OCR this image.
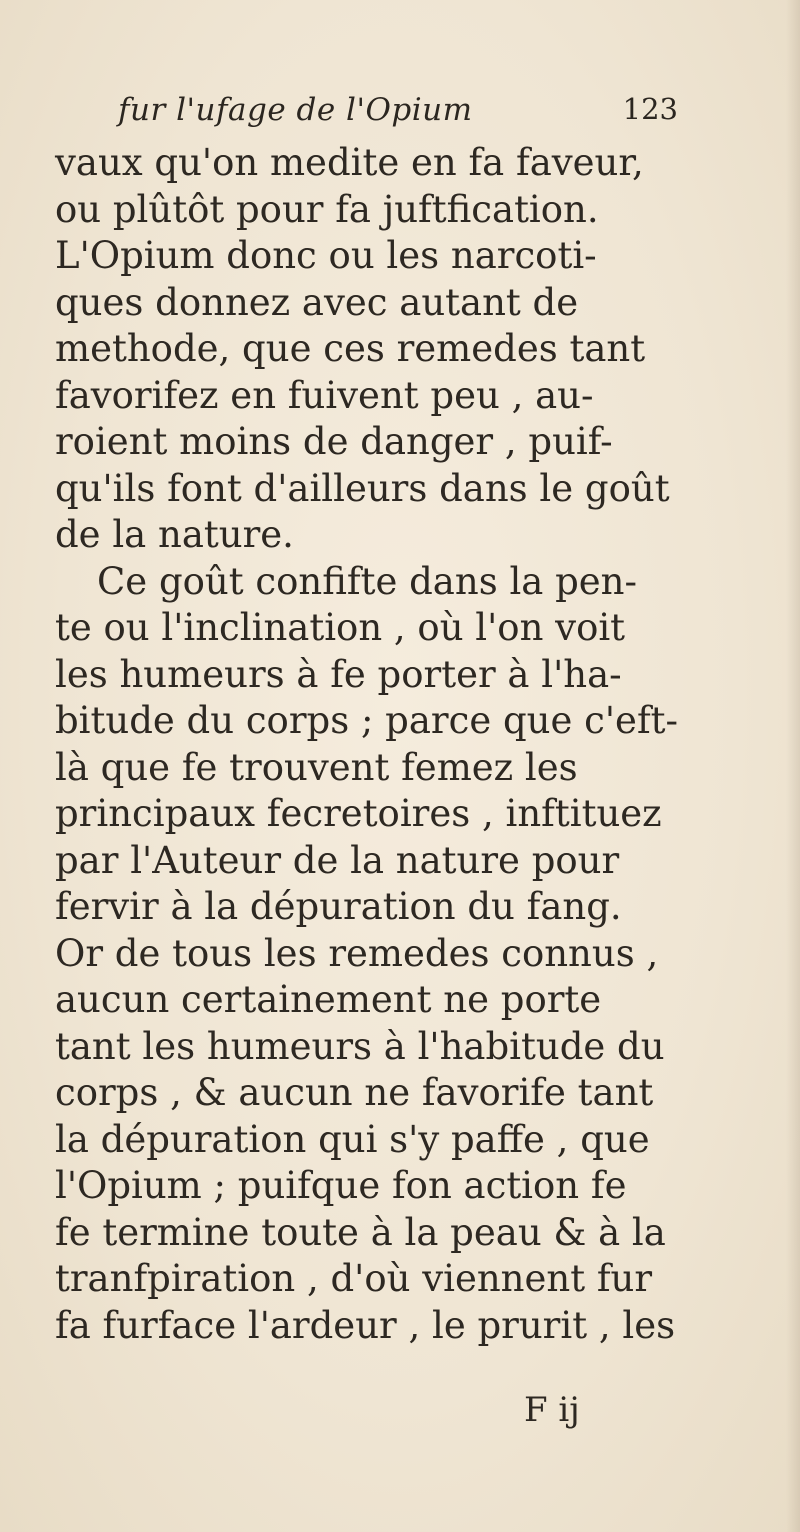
fur l'ufage de l'Opium	123
vaux qu'on medite en fa faveur,
ou plûtôt pour fa juftfication.
L'Opium donc ou les narcoti-
ques donnez avec autant de
methode, que ces remedes tant
favorifez en fuivent peu , au-
roient moins de danger , puif-
qu'ils font d'ailleurs dans le goût
de la nature.
Ce goût confifte dans la pen-
te ou l'inclination , où l'on voit
les humeurs à fe porter à l'ha-
bitude du corps ; parce que c'eft-
là que fe trouvent femez les
principaux fecretoires , inftituez
par l'Auteur de la nature pour
fervir à la dépuration du fang.
Or de tous les remedes connus ,
aucun certainement ne porte
tant les humeurs à l'habitude du
corps , & aucun ne favorife tant
la dépuration qui s'y paffe , que
l'Opium ; puifque fon action fe
fe termine toute à la peau & à la
tranfpiration , d'où viennent fur
fa furface l'ardeur , le prurit , les
F ij
